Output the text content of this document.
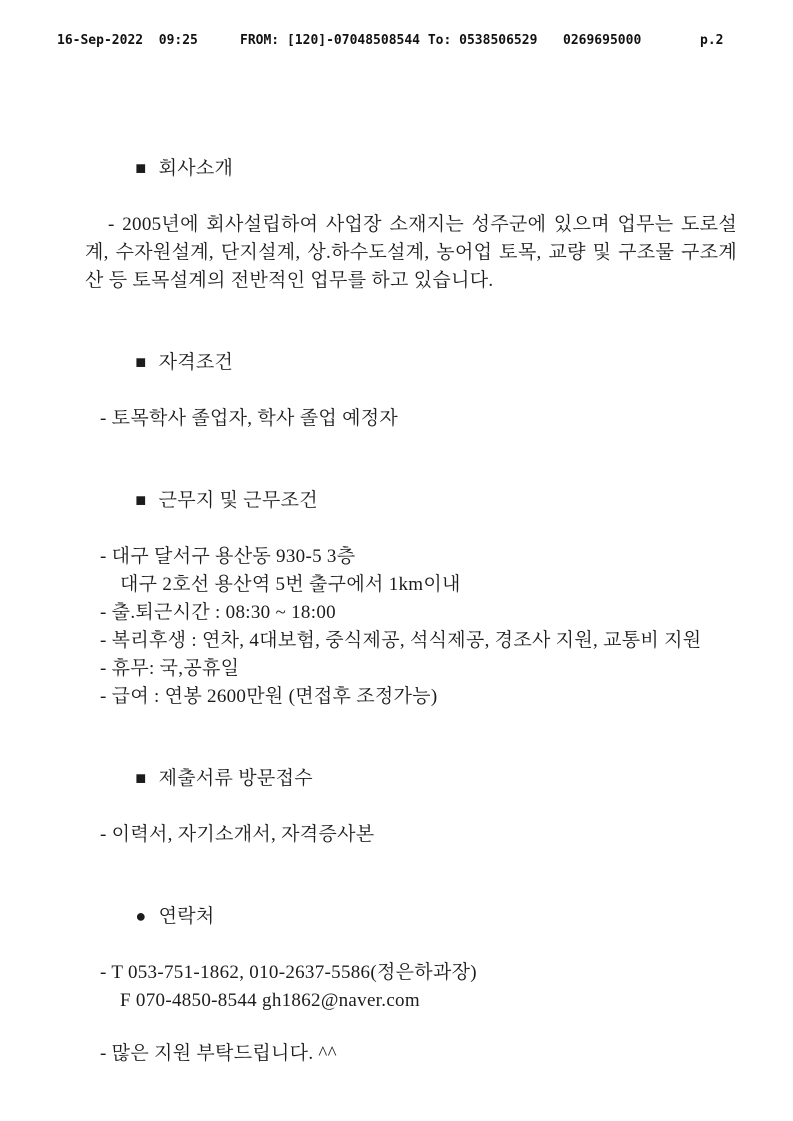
16-Sep-2022  09:25	FROM: [120]-07048508544 To: 0538506529 0269695000	p.2

■ 회사소개

- 2005년에 회사설립하여 사업장 소재지는 성주군에 있으며 업무는 도로설계, 수자원설계, 단지설계, 상.하수도설계, 농어업 토목, 교량 및 구조물 구조계산 등 토목설계의 전반적인 업무를 하고 있습니다.

■ 자격조건

- 토목학사 졸업자, 학사 졸업 예정자

■ 근무지 및 근무조건

- 대구 달서구 용산동 930-5 3층
대구 2호선 용산역 5번 출구에서 1km이내
- 출.퇴근시간 : 08:30 ~ 18:00
- 복리후생 : 연차, 4대보험, 중식제공, 석식제공, 경조사 지원, 교통비 지원
- 휴무: 국,공휴일
- 급여 : 연봉 2600만원 (면접후 조정가능)

■ 제출서류 방문접수

- 이력서, 자기소개서, 자격증사본

● 연락처

- T 053-751-1862, 010-2637-5586(정은하과장)
F 070-4850-8544 gh1862@naver.com
- 많은 지원 부탁드립니다. ^^
